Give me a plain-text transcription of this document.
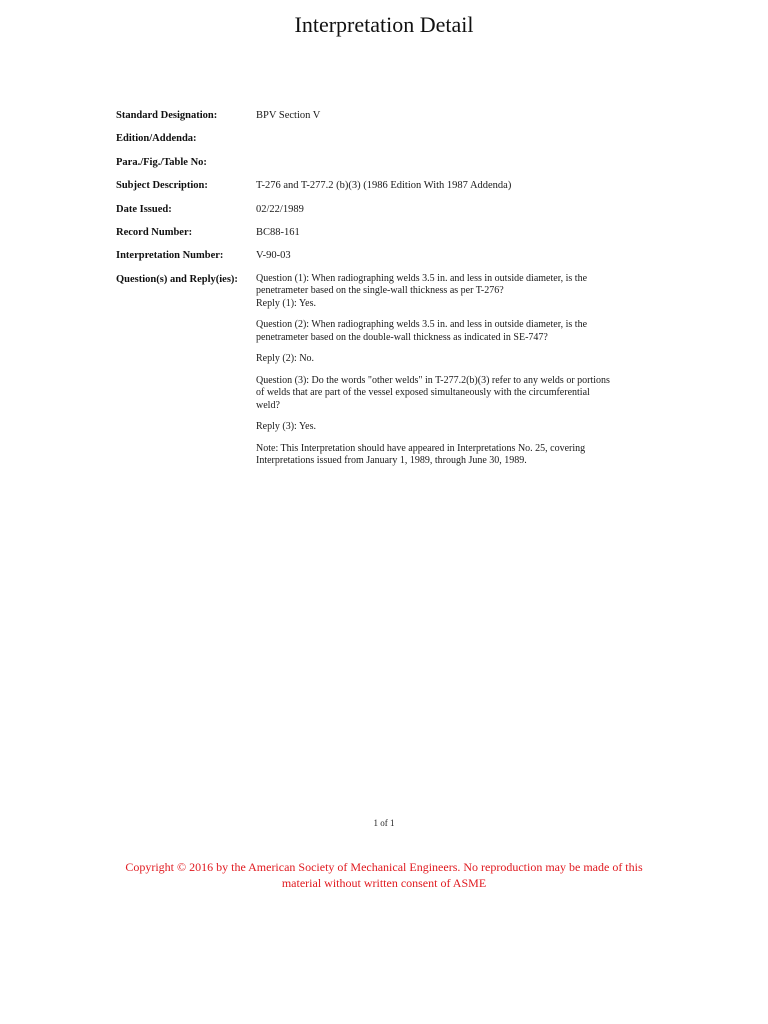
Interpretation Detail
Standard Designation:	BPV Section V
Edition/Addenda:
Para./Fig./Table No:
Subject Description:	T-276 and T-277.2 (b)(3) (1986 Edition With 1987 Addenda)
Date Issued:	02/22/1989
Record Number:	BC88-161
Interpretation Number:	V-90-03
Question(s) and Reply(ies):	Question (1): When radiographing welds 3.5 in. and less in outside diameter, is the
penetrameter based on the single-wall thickness as per T-276?
Reply (1): Yes.

Question (2): When radiographing welds 3.5 in. and less in outside diameter, is the
penetrameter based on the double-wall thickness as indicated in SE-747?

Reply (2): No.

Question (3): Do the words "other welds" in T-277.2(b)(3) refer to any welds or portions
of welds that are part of the vessel exposed simultaneously with the circumferential
weld?

Reply (3): Yes.

Note: This Interpretation should have appeared in Interpretations No. 25, covering
Interpretations issued from January 1, 1989, through June 30, 1989.

1 of 1
Copyright © 2016 by the American Society of Mechanical Engineers. No reproduction may be made of this
material without written consent of ASME
